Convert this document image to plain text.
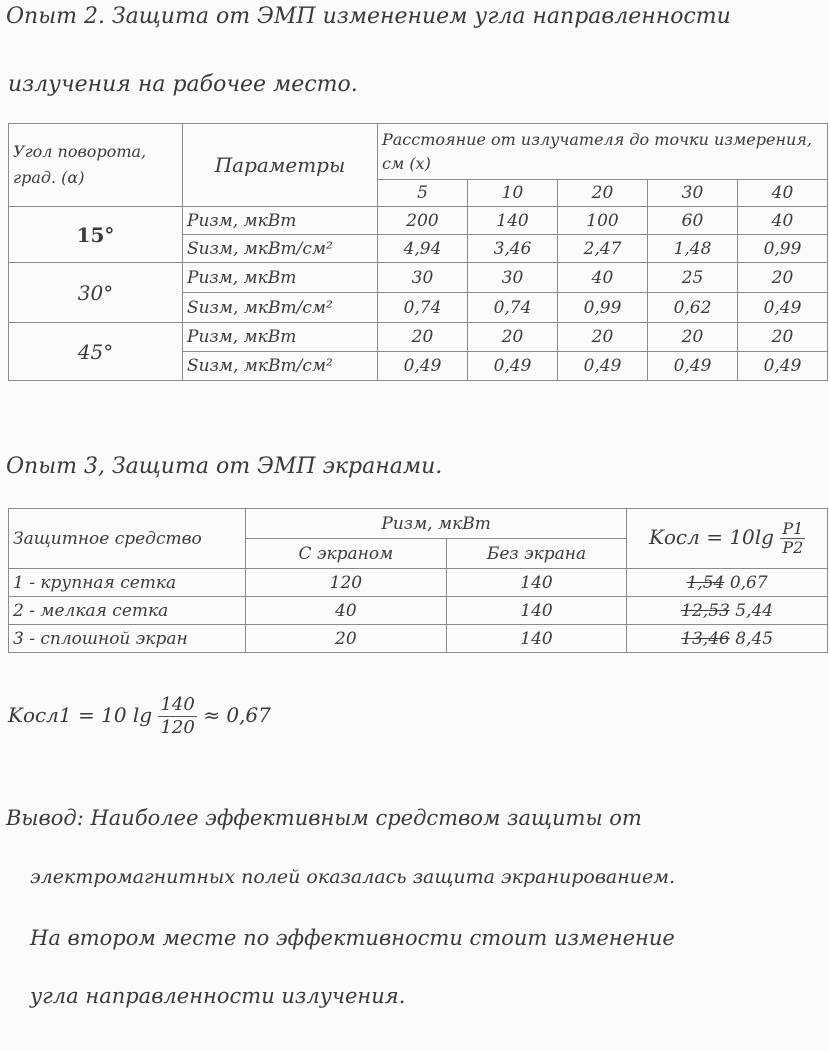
Опыт 2. Защита от ЭМП изменением угла направленности
излучения на рабочее место.
Угол поворота, град. (α)	Параметры	Расстояние от излучателя до точки измерения, см (x)				
		5	10	20	30	40
15°	Pизм, мкВт	200	140	100	60	40
	Sизм, мкВт/см²	4,94	3,46	2,47	1,48	0,99
30°	Pизм, мкВт	30	30	40	25	20
	Sизм, мкВт/см²	0,74	0,74	0,99	0,62	0,49
45°	Pизм, мкВт	20	20	20	20	20
	Sизм, мкВт/см²	0,49	0,49	0,49	0,49	0,49
Опыт 3, Защита от ЭМП экранами.
Защитное средство	Pизм, мкВт		Kосл = $10\lg \frac{P1}{P2}$

	С экраном	Без экрана	
1 - крупная сетка	120	140	1,54 0,67
2 - мелкая сетка	40	140	12,53 5,44
3 - сплошной экран	20	140	13,46 8,45
Kосл1 = 10 $\lg \frac{140}{120} \approx 0,67$
Вывод: Наиболее эффективным средством защиты от
электромагнитных полей оказалась защита экранированием.
На втором месте по эффективности стоит изменение
угла направленности излучения.
